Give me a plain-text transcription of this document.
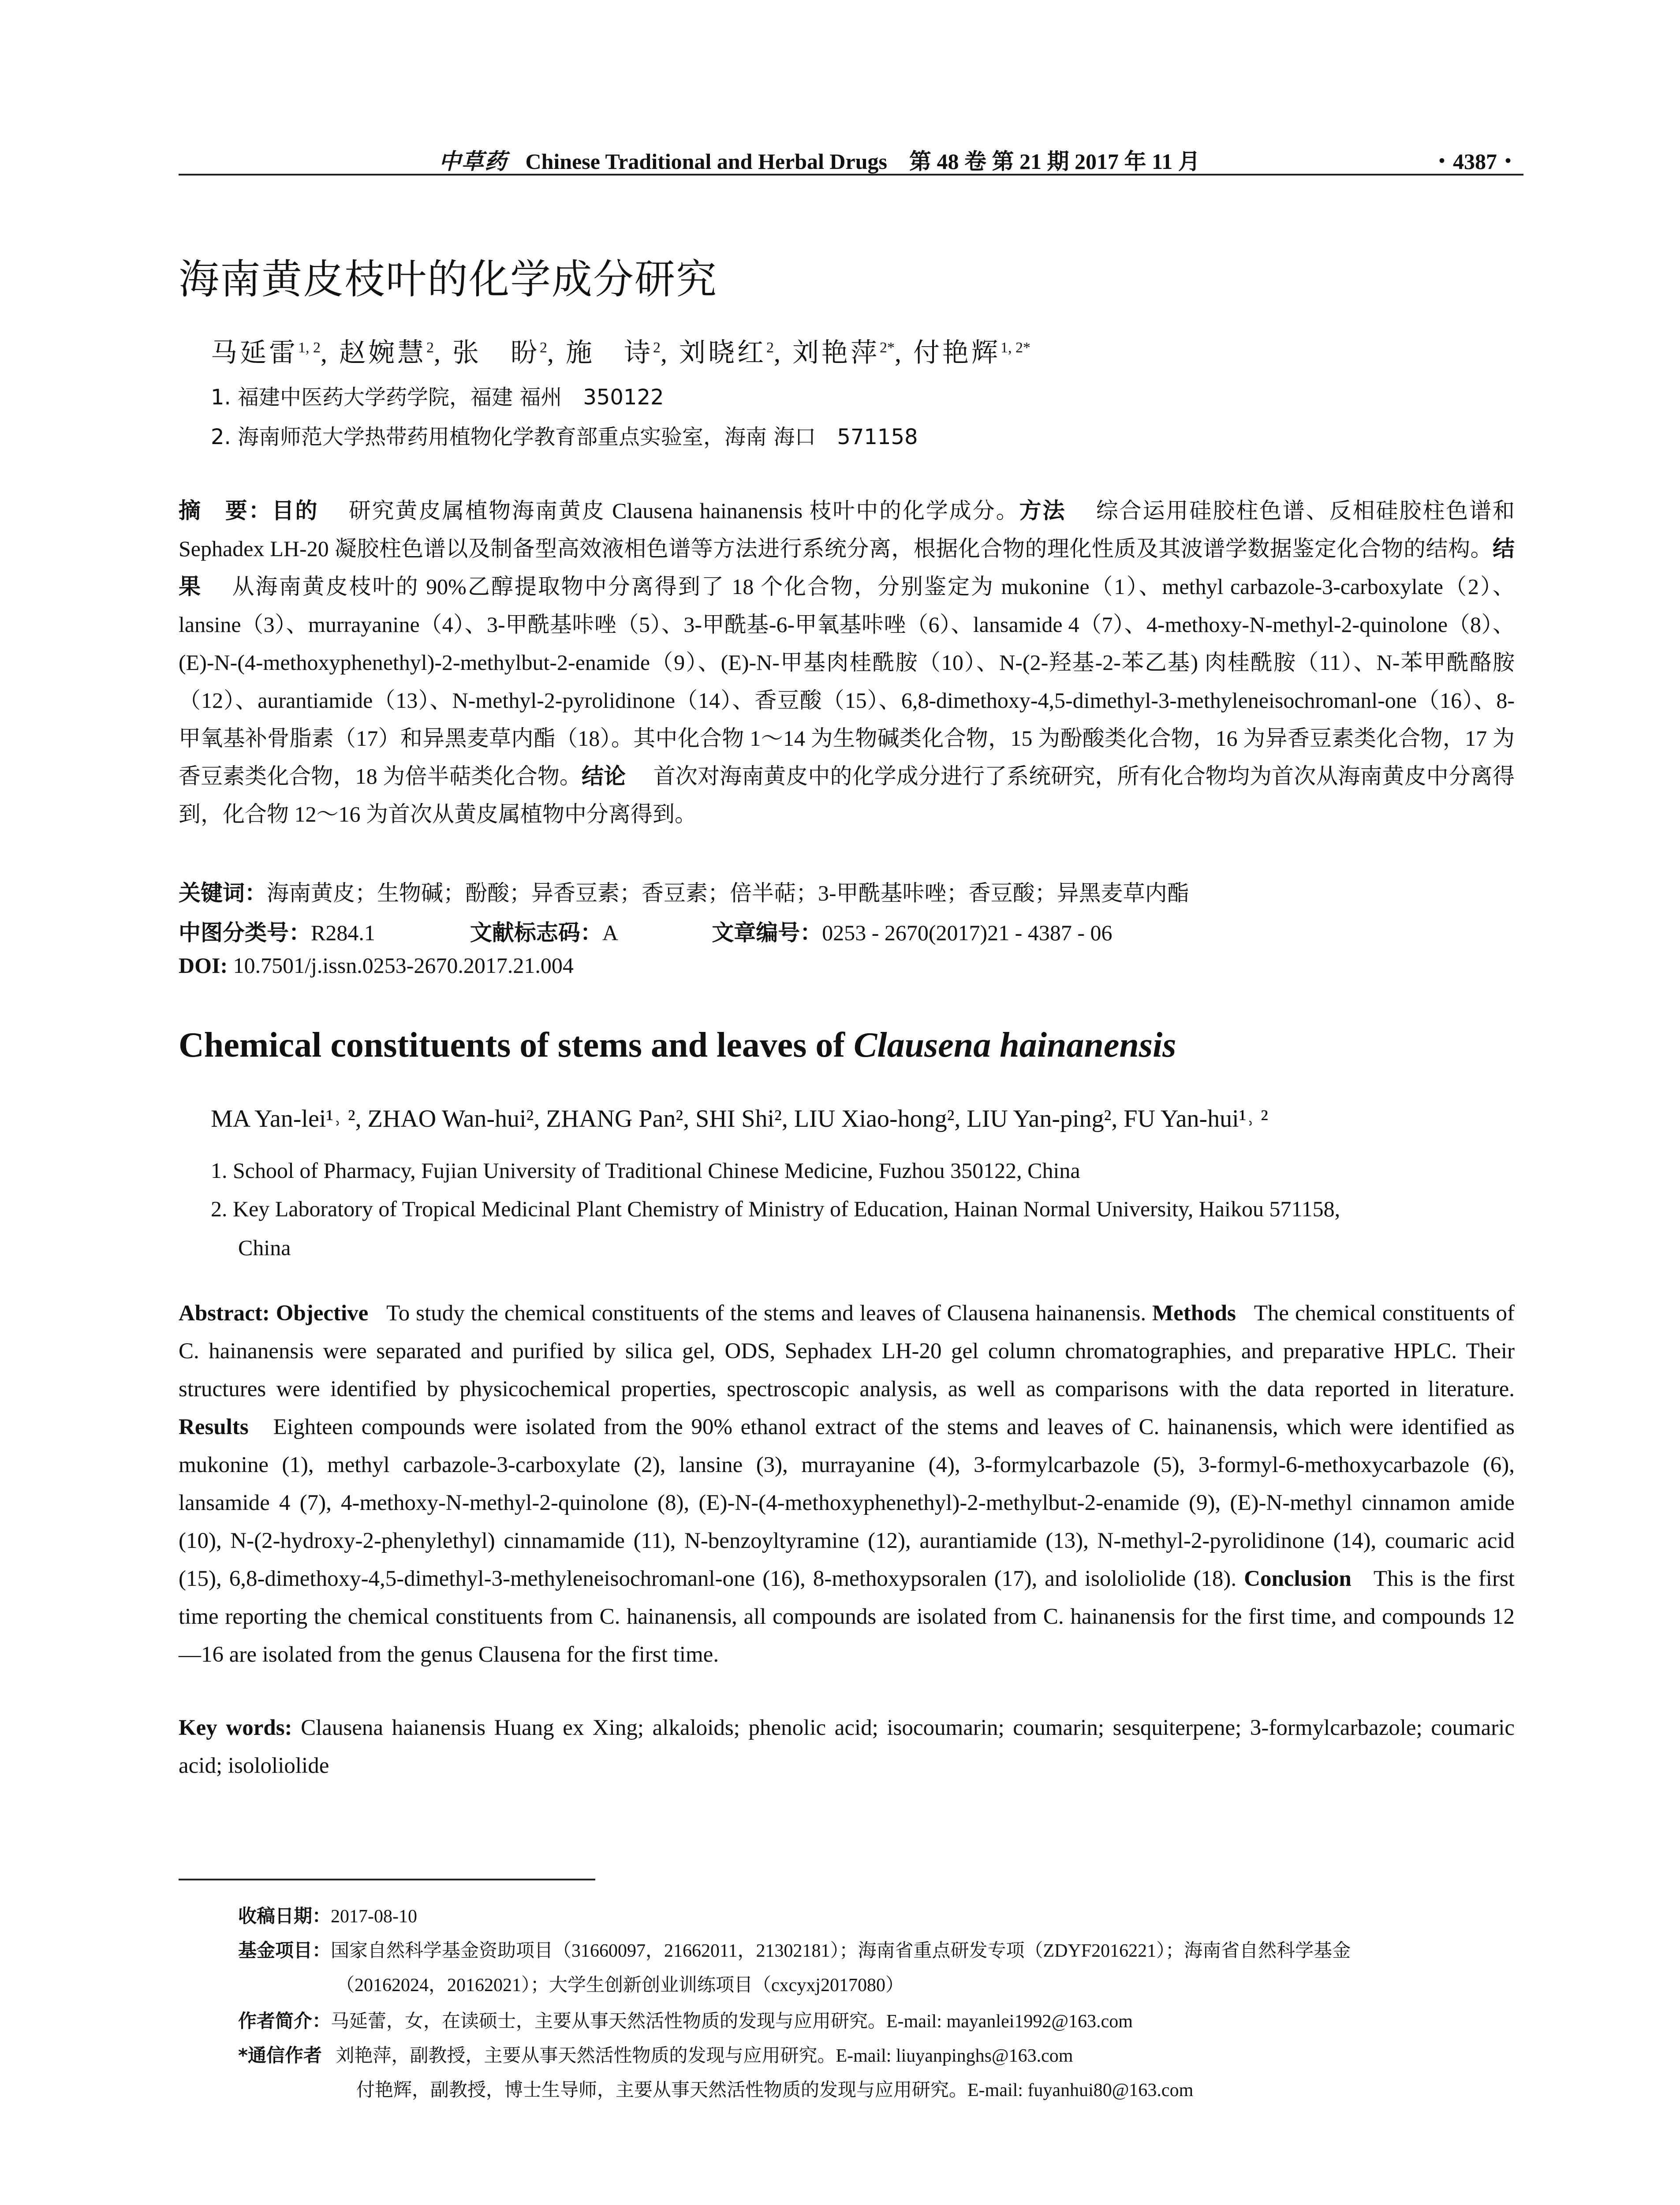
中草药 Chinese Traditional and Herbal Drugs　第 48 卷 第 21 期 2017 年 11 月	・4387・
海南黄皮枝叶的化学成分研究
马延雷$^{1, 2}$, 赵婉慧$^2$, 张　盼$^2$, 施　诗$^2$, 刘晓红$^2$, 刘艳萍$^{2*}$, 付艳辉$^{1, 2*}$
1. 福建中医药大学药学院，福建 福州　350122
2. 海南师范大学热带药用植物化学教育部重点实验室，海南 海口　571158
摘　要：目的　 研究黄皮属植物海南黄皮 Clausena hainanensis 枝叶中的化学成分。方法　 综合运用硅胶柱色谱、反相硅胶柱色谱和 Sephadex LH-20 凝胶柱色谱以及制备型高效液相色谱等方法进行系统分离，根据化合物的理化性质及其波谱学数据鉴定化合物的结构。结果　 从海南黄皮枝叶的 90%乙醇提取物中分离得到了 18 个化合物，分别鉴定为 mukonine（1）、methyl carbazole-3-carboxylate（2）、lansine（3）、murrayanine（4）、3-甲酰基咔唑（5）、3-甲酰基-6-甲氧基咔唑（6）、lansamide 4（7）、4-methoxy-N-methyl-2-quinolone（8）、(E)-N-(4-methoxyphenethyl)-2-methylbut-2-enamide（9）、(E)-N-甲基肉桂酰胺（10）、N-(2-羟基-2-苯乙基) 肉桂酰胺（11）、N-苯甲酰酪胺（12）、aurantiamide（13）、N-methyl-2-pyrolidinone（14）、香豆酸（15）、6,8-dimethoxy-4,5-dimethyl-3-methyleneisochromanl-one（16）、8-甲氧基补骨脂素（17）和异黑麦草内酯（18）。其中化合物 1～14 为生物碱类化合物，15 为酚酸类化合物，16 为异香豆素类化合物，17 为香豆素类化合物，18 为倍半萜类化合物。结论　 首次对海南黄皮中的化学成分进行了系统研究，所有化合物均为首次从海南黄皮中分离得到，化合物 12～16 为首次从黄皮属植物中分离得到。
关键词：海南黄皮；生物碱；酚酸；异香豆素；香豆素；倍半萜；3-甲酰基咔唑；香豆酸；异黑麦草内酯
中图分类号：R284.1	文献标志码：A	文章编号：0253 - 2670(2017)21 - 4387 - 06
DOI: 10.7501/j.issn.0253-2670.2017.21.004
Chemical constituents of stems and leaves of Clausena hainanensis
MA Yan-lei¹˒ ², ZHAO Wan-hui², ZHANG Pan², SHI Shi², LIU Xiao-hong², LIU Yan-ping², FU Yan-hui¹˒ ²
1. School of Pharmacy, Fujian University of Traditional Chinese Medicine, Fuzhou 350122, China
2. Key Laboratory of Tropical Medicinal Plant Chemistry of Ministry of Education, Hainan Normal University, Haikou 571158,
China
Abstract: Objective To study the chemical constituents of the stems and leaves of Clausena hainanensis. Methods The chemical constituents of C. hainanensis were separated and purified by silica gel, ODS, Sephadex LH-20 gel column chromatographies, and preparative HPLC. Their structures were identified by physicochemical properties, spectroscopic analysis, as well as comparisons with the data reported in literature. Results Eighteen compounds were isolated from the 90% ethanol extract of the stems and leaves of C. hainanensis, which were identified as mukonine (1), methyl carbazole-3-carboxylate (2), lansine (3), murrayanine (4), 3-formylcarbazole (5), 3-formyl-6-methoxycarbazole (6), lansamide 4 (7), 4-methoxy-N-methyl-2-quinolone (8), (E)-N-(4-methoxyphenethyl)-2-methylbut-2-enamide (9), (E)-N-methyl cinnamon amide (10), N-(2-hydroxy-2-phenylethyl) cinnamamide (11), N-benzoyltyramine (12), aurantiamide (13), N-methyl-2-pyrolidinone (14), coumaric acid (15), 6,8-dimethoxy-4,5-dimethyl-3-methyleneisochromanl-one (16), 8-methoxypsoralen (17), and isololiolide (18). Conclusion This is the first time reporting the chemical constituents from C. hainanensis, all compounds are isolated from C. hainanensis for the first time, and compounds 12—16 are isolated from the genus Clausena for the first time.
Key words: Clausena haianensis Huang ex Xing; alkaloids; phenolic acid; isocoumarin; coumarin; sesquiterpene; 3-formylcarbazole; coumaric acid; isololiolide
收稿日期：2017-08-10
基金项目：国家自然科学基金资助项目（31660097，21662011，21302181）；海南省重点研发专项（ZDYF2016221）；海南省自然科学基金
（20162024，20162021）；大学生创新创业训练项目（cxcyxj2017080）
作者简介：马延蕾，女，在读硕士，主要从事天然活性物质的发现与应用研究。E-mail: mayanlei1992@163.com
*通信作者 刘艳萍，副教授，主要从事天然活性物质的发现与应用研究。E-mail: liuyanpinghs@163.com
付艳辉，副教授，博士生导师，主要从事天然活性物质的发现与应用研究。E-mail: fuyanhui80@163.com
